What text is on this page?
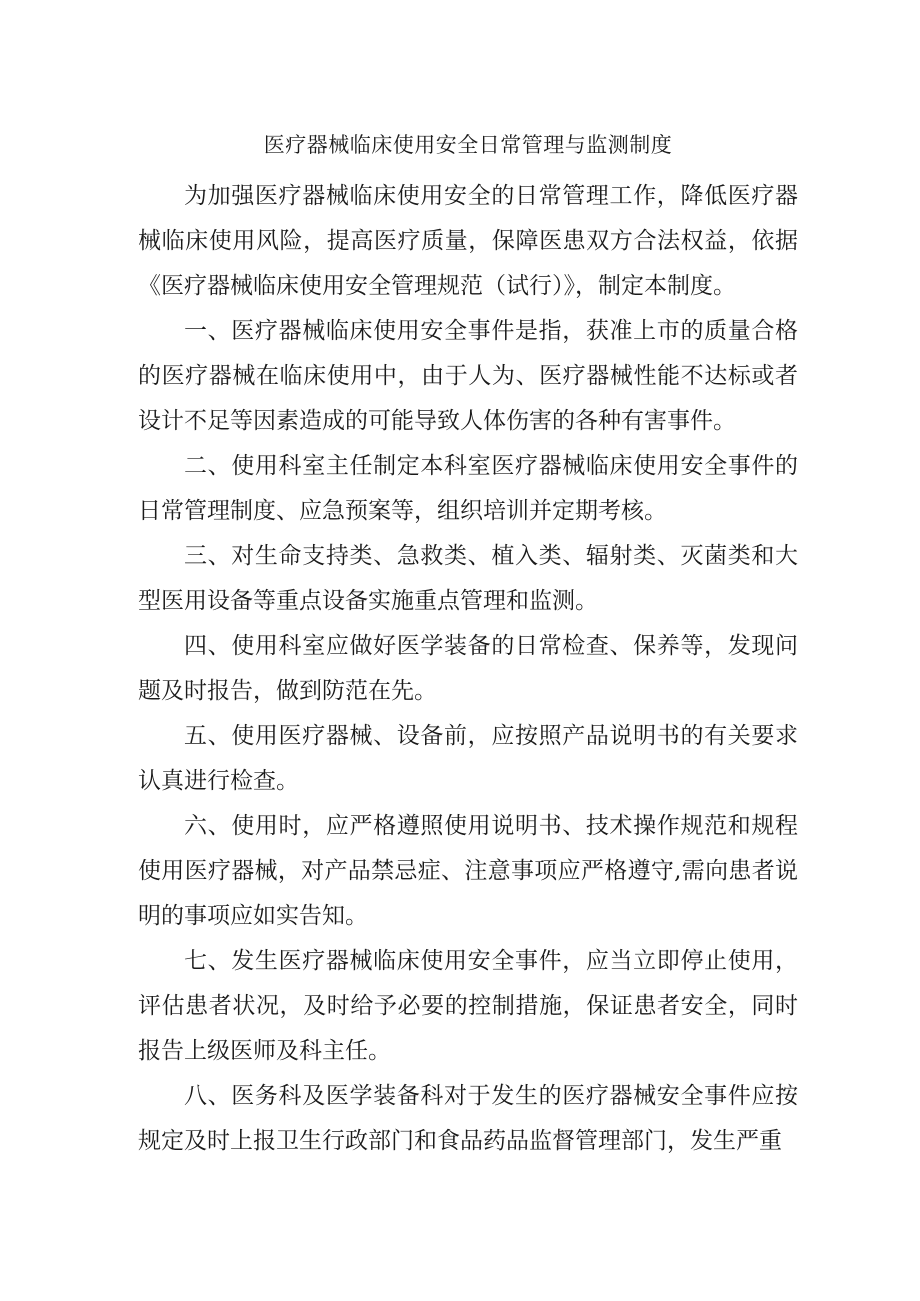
医疗器械临床使用安全日常管理与监测制度

为加强医疗器械临床使用安全的日常管理工作，降低医疗器械临床使用风险，提高医疗质量，保障医患双方合法权益，依据《医疗器械临床使用安全管理规范（试行）》，制定本制度。

一、医疗器械临床使用安全事件是指，获准上市的质量合格的医疗器械在临床使用中，由于人为、医疗器械性能不达标或者设计不足等因素造成的可能导致人体伤害的各种有害事件。

二、使用科室主任制定本科室医疗器械临床使用安全事件的日常管理制度、应急预案等，组织培训并定期考核。

三、对生命支持类、急救类、植入类、辐射类、灭菌类和大型医用设备等重点设备实施重点管理和监测。

四、使用科室应做好医学装备的日常检查、保养等，发现问题及时报告，做到防范在先。

五、使用医疗器械、设备前，应按照产品说明书的有关要求认真进行检查。

六、使用时，应严格遵照使用说明书、技术操作规范和规程使用医疗器械，对产品禁忌症、注意事项应严格遵守,需向患者说明的事项应如实告知。

七、发生医疗器械临床使用安全事件，应当立即停止使用，评估患者状况，及时给予必要的控制措施，保证患者安全，同时报告上级医师及科主任。

八、医务科及医学装备科对于发生的医疗器械安全事件应按规定及时上报卫生行政部门和食品药品监督管理部门，发生严重
